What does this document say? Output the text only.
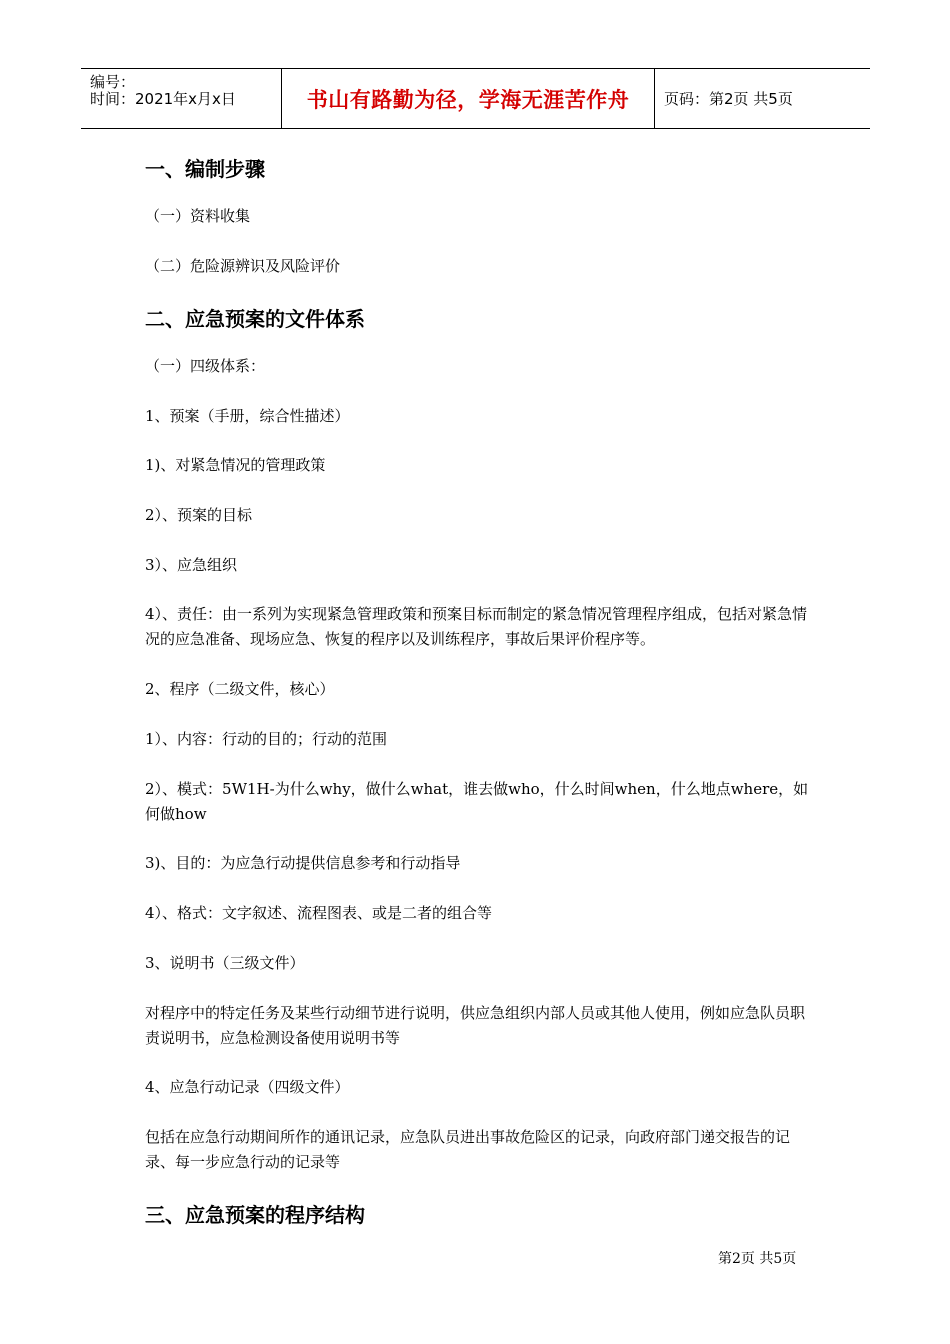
编号：
时间：2021年x月x日	书山有路勤为径，学海无涯苦作舟 页码：第2页 共5页
一、编制步骤
（一）资料收集
（二）危险源辨识及风险评价
二、应急预案的文件体系
（一）四级体系：
1、预案（手册，综合性描述）
1)、对紧急情况的管理政策
2）、预案的目标
3）、应急组织
4）、责任：由一系列为实现紧急管理政策和预案目标而制定的紧急情况管理程序组成，包括对紧急情况的应急准备、现场应急、恢复的程序以及训练程序，事故后果评价程序等。
2、程序（二级文件，核心）
1）、内容：行动的目的；行动的范围
2）、模式：5W1H-为什么why，做什么what，谁去做who，什么时间when，什么地点where，如何做how
3)、目的：为应急行动提供信息参考和行动指导
4）、格式：文字叙述、流程图表、或是二者的组合等
3、说明书（三级文件）
对程序中的特定任务及某些行动细节进行说明，供应急组织内部人员或其他人使用，例如应急队员职责说明书，应急检测设备使用说明书等
4、应急行动记录（四级文件）
包括在应急行动期间所作的通讯记录，应急队员进出事故危险区的记录，向政府部门递交报告的记录、每一步应急行动的记录等
三、应急预案的程序结构
第2页 共5页
